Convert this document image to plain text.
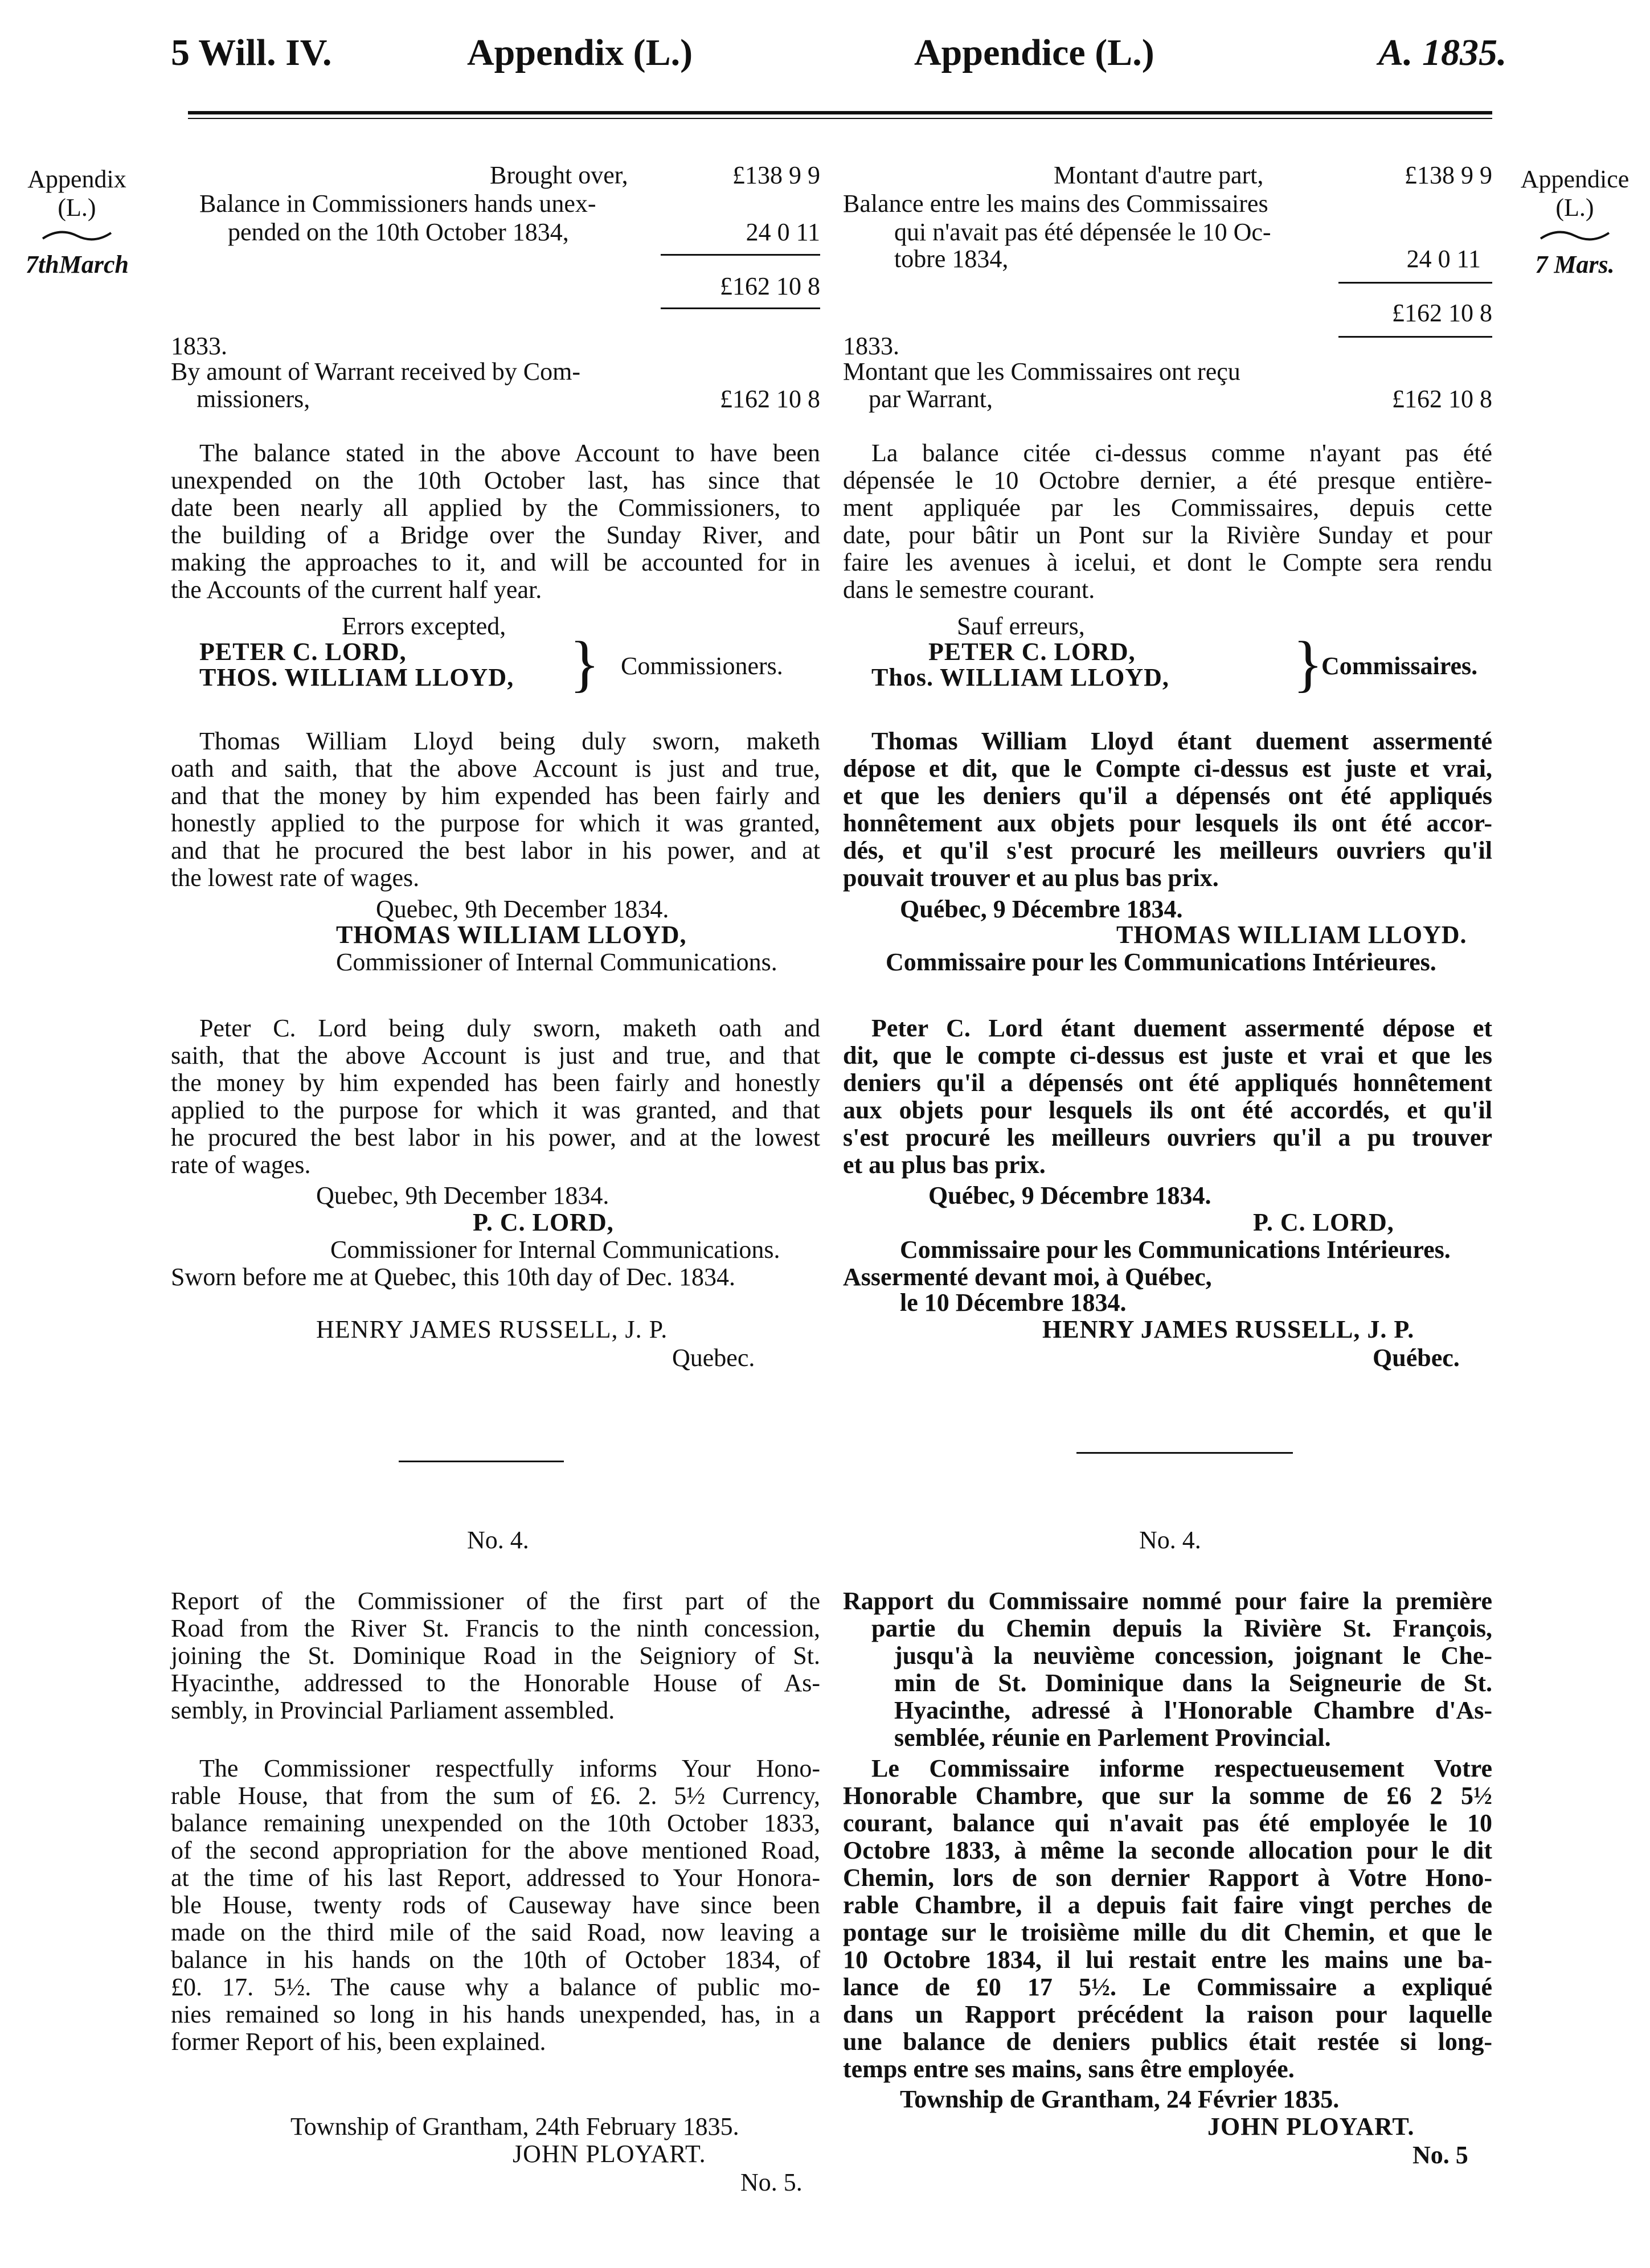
5 Will. IV.	Appendix (L.)	Appendice (L.)	A. 1835.
Appendix
(L.)
7thMarch
Appendice
(L.)
7 Mars.
Brought over,	£138 9 9
Balance in Commissioners hands unex-
pended on the 10th October 1834,	24 0 11
£162 10 8
1833.
By amount of Warrant received by Com-
missioners,	£162 10 8
The balance stated in the above Account to have been
unexpended on the 10th October last, has since that
date been nearly all applied by the Commissioners, to
the building of a Bridge over the Sunday River, and
making the approaches to it, and will be accounted for in
the Accounts of the current half year.
Errors excepted,
PETER C. LORD,
THOS. WILLIAM LLOYD, } Commissioners.
Thomas William Lloyd being duly sworn, maketh
oath and saith, that the above Account is just and true,
and that the money by him expended has been fairly and
honestly applied to the purpose for which it was granted,
and that he procured the best labor in his power, and at
the lowest rate of wages.
Quebec, 9th December 1834.
THOMAS WILLIAM LLOYD,
Commissioner of Internal Communications.
Peter C. Lord being duly sworn, maketh oath and
saith, that the above Account is just and true, and that
the money by him expended has been fairly and honestly
applied to the purpose for which it was granted, and that
he procured the best labor in his power, and at the lowest
rate of wages.
Quebec, 9th December 1834.
P. C. LORD,
Commissioner for Internal Communications.
Sworn before me at Quebec, this 10th day of Dec. 1834.
HENRY JAMES RUSSELL, J. P.
Quebec.
No. 4.
Report of the Commissioner of the first part of the
Road from the River St. Francis to the ninth concession,
joining the St. Dominique Road in the Seigniory of St.
Hyacinthe, addressed to the Honorable House of As-
sembly, in Provincial Parliament assembled.
The Commissioner respectfully informs Your Hono-
rable House, that from the sum of £6. 2. 5½ Currency,
balance remaining unexpended on the 10th October 1833,
of the second appropriation for the above mentioned Road,
at the time of his last Report, addressed to Your Honora-
ble House, twenty rods of Causeway have since been
made on the third mile of the said Road, now leaving a
balance in his hands on the 10th of October 1834, of
£0. 17. 5½. The cause why a balance of public mo-
nies remained so long in his hands unexpended, has, in a
former Report of his, been explained.
Township of Grantham, 24th February 1835.
JOHN PLOYART.
No. 5.
Montant d'autre part,	£138 9 9
Balance entre les mains des Commissaires
qui n'avait pas été dépensée le 10 Oc-
tobre 1834,	24 0 11
£162 10 8
1833.
Montant que les Commissaires ont reçu
par Warrant,	£162 10 8
La balance citée ci-dessus comme n'ayant pas été
dépensée le 10 Octobre dernier, a été presque entière-
ment appliquée par les Commissaires, depuis cette
date, pour bâtir un Pont sur la Rivière Sunday et pour
faire les avenues à icelui, et dont le Compte sera rendu
dans le semestre courant.
Sauf erreurs,
PETER C. LORD,
Thos. WILLIAM LLOYD, }
Commissaires.
Thomas William Lloyd étant duement assermenté
dépose et dit, que le Compte ci-dessus est juste et vrai,
et que les deniers qu'il a dépensés ont été appliqués
honnêtement aux objets pour lesquels ils ont été accor-
dés, et qu'il s'est procuré les meilleurs ouvriers qu'il
pouvait trouver et au plus bas prix.
Québec, 9 Décembre 1834.
THOMAS WILLIAM LLOYD.
Commissaire pour les Communications Intérieures.
Peter C. Lord étant duement assermenté dépose et
dit, que le compte ci-dessus est juste et vrai et que les
deniers qu'il a dépensés ont été appliqués honnêtement
aux objets pour lesquels ils ont été accordés, et qu'il
s'est procuré les meilleurs ouvriers qu'il a pu trouver
et au plus bas prix.
Québec, 9 Décembre 1834.
P. C. LORD,
Commissaire pour les Communications Intérieures.
Assermenté devant moi, à Québec,
le 10 Décembre 1834.
HENRY JAMES RUSSELL, J. P.
Québec.
No. 4.
Rapport du Commissaire nommé pour faire la première
partie du Chemin depuis la Rivière St. François,
jusqu'à la neuvième concession, joignant le Che-
min de St. Dominique dans la Seigneurie de St.
Hyacinthe, adressé à l'Honorable Chambre d'As-
semblée, réunie en Parlement Provincial.
Le Commissaire informe respectueusement Votre
Honorable Chambre, que sur la somme de £6 2 5½
courant, balance qui n'avait pas été employée le 10
Octobre 1833, à même la seconde allocation pour le dit
Chemin, lors de son dernier Rapport à Votre Hono-
rable Chambre, il a depuis fait faire vingt perches de
pontage sur le troisième mille du dit Chemin, et que le
10 Octobre 1834, il lui restait entre les mains une ba-
lance de £0 17 5½. Le Commissaire a expliqué
dans un Rapport précédent la raison pour laquelle
une balance de deniers publics était restée si long-
temps entre ses mains, sans être employée.
Township de Grantham, 24 Février 1835.
JOHN PLOYART.
No. 5
